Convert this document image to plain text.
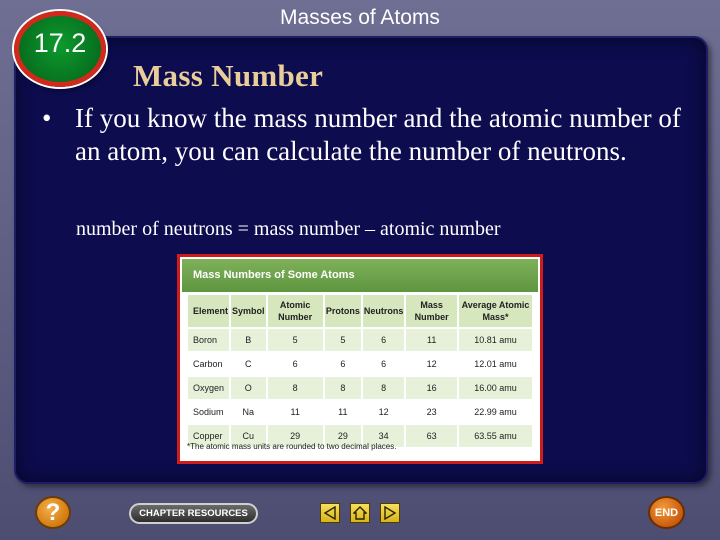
Masses of Atoms
17.2
Mass Number
• If you know the mass number and the atomic number of an atom, you can calculate the number of neutrons.
number of neutrons = mass number – atomic number
Mass Numbers of Some Atoms
Element	Symbol	Atomic Number	Protons	Neutrons	Mass Number	Average Atomic Mass*
Boron	B	5	5	6	11	10.81 amu
Carbon	C	6	6	6	12	12.01 amu
Oxygen	O	8	8	8	16	16.00 amu
Sodium	Na	11	11	12	23	22.99 amu
Copper	Cu	29	29	34	63	63.55 amu
*The atomic mass units are rounded to two decimal places.
?	CHAPTER RESOURCES	END
